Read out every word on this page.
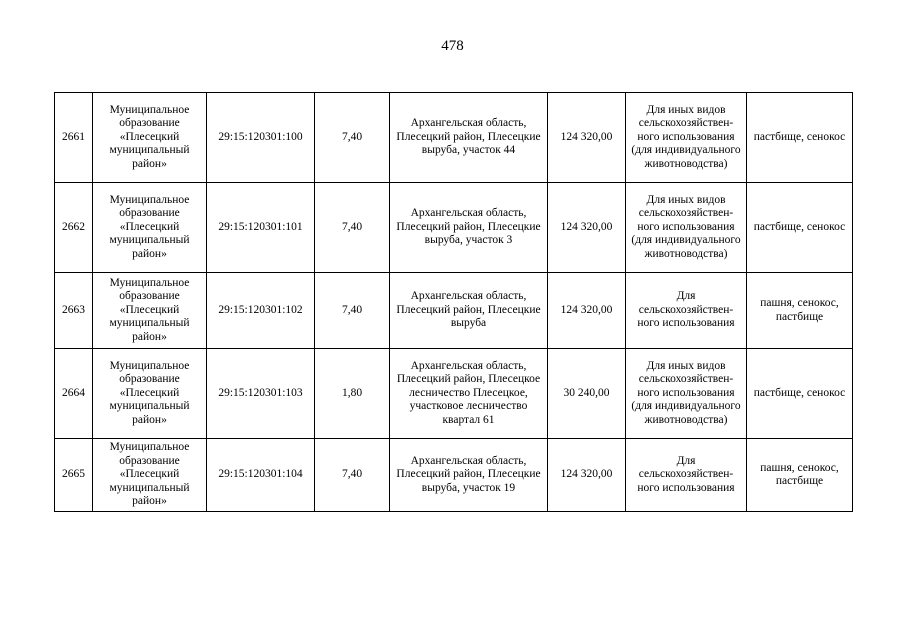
478
2661	Муниципальное образование «Плесецкий муниципальный район»	29:15:120301:100	7,40	Архангельская область, Плесецкий район, Плесецкие выруба, участок 44	124 320,00	Для иных видов сельскохозяйствен-ного использования (для индивидуального животноводства)	пастбище, сенокос
2662	Муниципальное образование «Плесецкий муниципальный район»	29:15:120301:101	7,40	Архангельская область, Плесецкий район, Плесецкие выруба, участок 3	124 320,00	Для иных видов сельскохозяйствен-ного использования (для индивидуального животноводства)	пастбище, сенокос
2663	Муниципальное образование «Плесецкий муниципальный район»	29:15:120301:102	7,40	Архангельская область, Плесецкий район, Плесецкие выруба	124 320,00	Для сельскохозяйствен-ного использования	пашня, сенокос, пастбище
2664	Муниципальное образование «Плесецкий муниципальный район»	29:15:120301:103	1,80	Архангельская область, Плесецкий район, Плесецкое лесничество Плесецкое, участковое лесничество квартал 61	30 240,00	Для иных видов сельскохозяйствен-ного использования (для индивидуального животноводства)	пастбище, сенокос
2665	Муниципальное образование «Плесецкий муниципальный район»	29:15:120301:104	7,40	Архангельская область, Плесецкий район, Плесецкие выруба, участок 19	124 320,00	Для сельскохозяйствен-ного использования	пашня, сенокос, пастбище
